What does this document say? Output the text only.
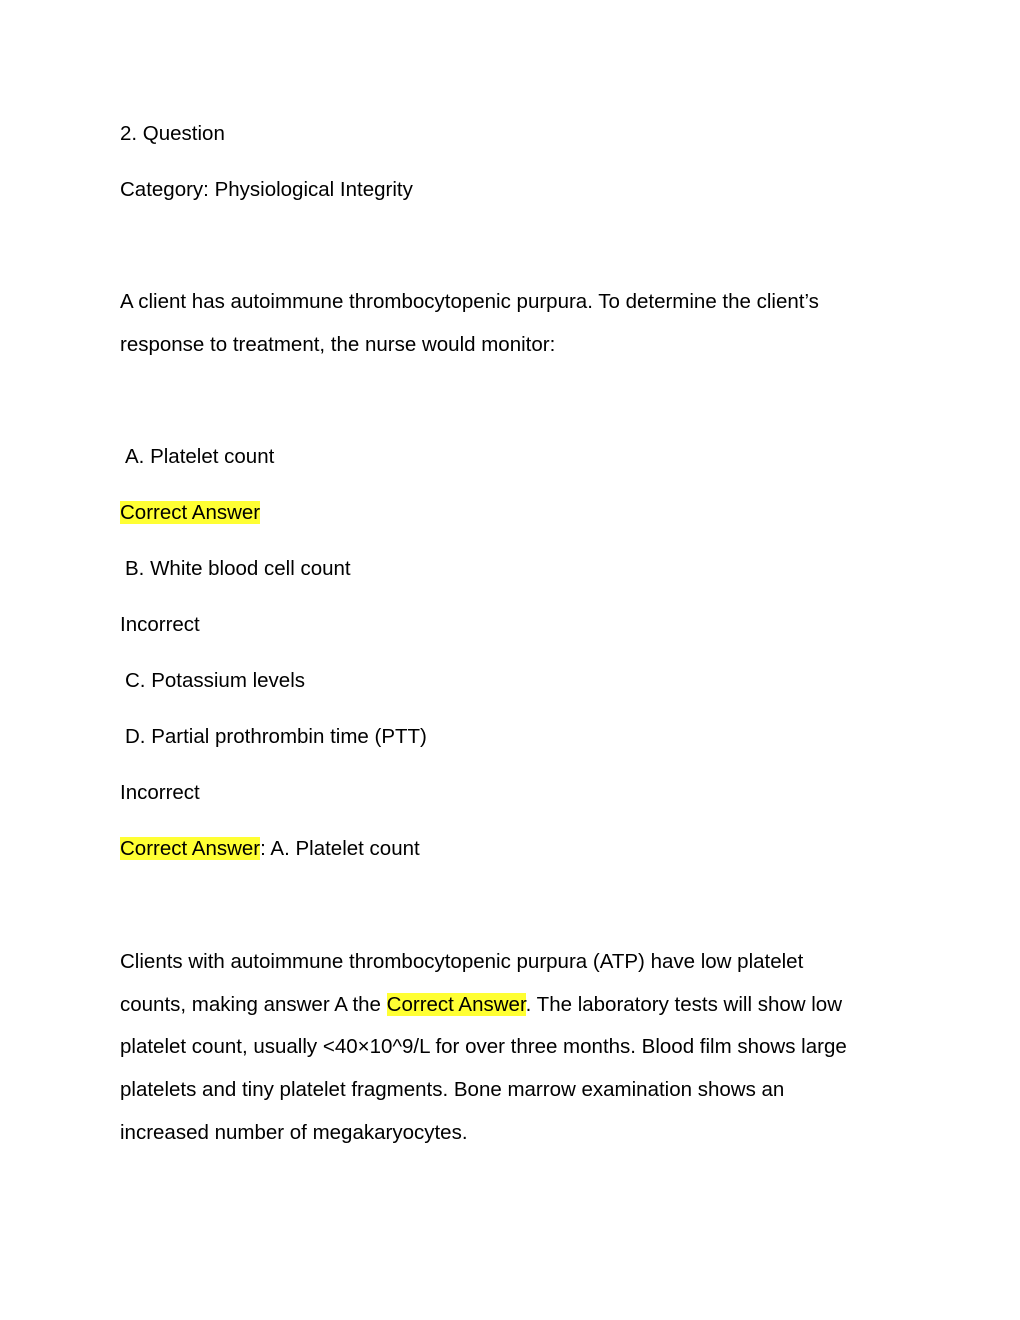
2. Question

Category: Physiological Integrity

A client has autoimmune thrombocytopenic purpura. To determine the client’s

response to treatment, the nurse would monitor:

A. Platelet count

Correct Answer

B. White blood cell count

Incorrect

C. Potassium levels

D. Partial prothrombin time (PTT)

Incorrect

Correct Answer: A. Platelet count

Clients with autoimmune thrombocytopenic purpura (ATP) have low platelet
counts, making answer A the Correct Answer. The laboratory tests will show low
platelet count, usually <40×10^9/L for over three months. Blood film shows large
platelets and tiny platelet fragments. Bone marrow examination shows an
increased number of megakaryocytes.
